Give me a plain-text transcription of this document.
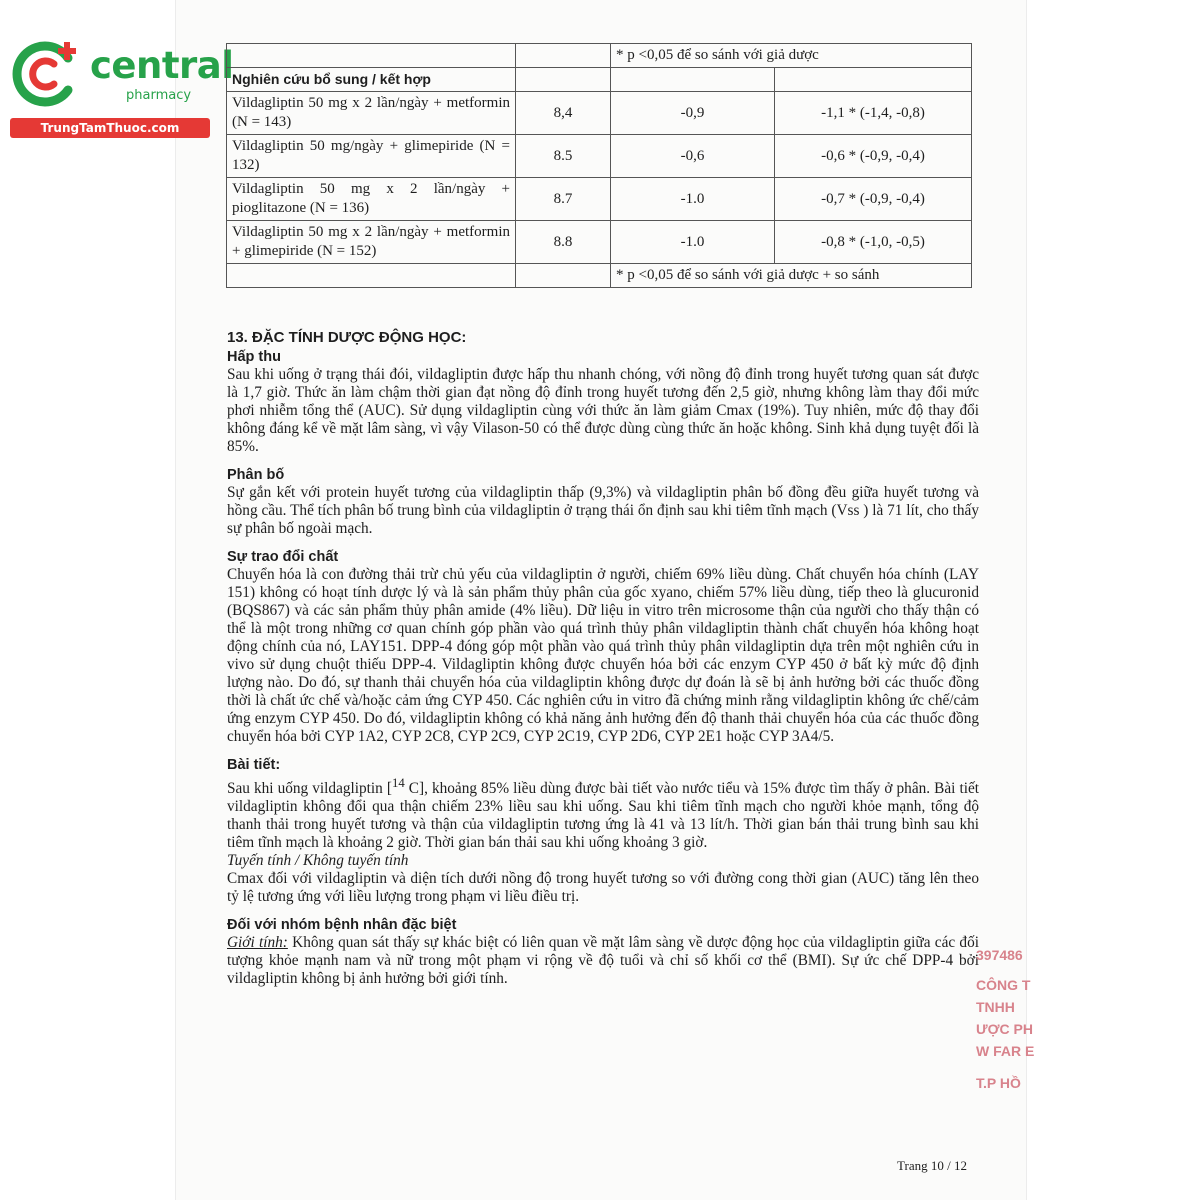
central
pharmacy
TrungTamThuoc.com
		* p <0,05 để so sánh với giả dược	
Nghiên cứu bổ sung / kết hợp			
Vildagliptin 50 mg x 2 lần/ngày + metformin (N = 143)	8,4	-0,9	-1,1 * (-1,4, -0,8)
Vildagliptin 50 mg/ngày + glimepiride (N = 132)	8.5	-0,6	-0,6 * (-0,9, -0,4)
Vildagliptin 50 mg x 2 lần/ngày + pioglitazone (N = 136)	8.7	-1.0	-0,7 * (-0,9, -0,4)
Vildagliptin 50 mg x 2 lần/ngày + metformin + glimepiride (N = 152)	8.8	-1.0	-0,8 * (-1,0, -0,5)
		* p <0,05 để so sánh với giả dược + so sánh	
13. ĐẶC TÍNH DƯỢC ĐỘNG HỌC:
Hấp thu

Sau khi uống ở trạng thái đói, vildagliptin được hấp thu nhanh chóng, với nồng độ đỉnh trong huyết tương quan sát được là 1,7 giờ. Thức ăn làm chậm thời gian đạt nồng độ đỉnh trong huyết tương đến 2,5 giờ, nhưng không làm thay đổi mức phơi nhiễm tổng thể (AUC). Sử dụng vildagliptin cùng với thức ăn làm giảm Cmax (19%). Tuy nhiên, mức độ thay đổi không đáng kể về mặt lâm sàng, vì vậy Vilason-50 có thể được dùng cùng thức ăn hoặc không. Sinh khả dụng tuyệt đối là 85%.

Phân bố

Sự gắn kết với protein huyết tương của vildagliptin thấp (9,3%) và vildagliptin phân bố đồng đều giữa huyết tương và hồng cầu. Thể tích phân bố trung bình của vildagliptin ở trạng thái ổn định sau khi tiêm tĩnh mạch (Vss ) là 71 lít, cho thấy sự phân bố ngoài mạch.

Sự trao đổi chất

Chuyển hóa là con đường thải trừ chủ yếu của vildagliptin ở người, chiếm 69% liều dùng. Chất chuyển hóa chính (LAY 151) không có hoạt tính dược lý và là sản phẩm thủy phân của gốc xyano, chiếm 57% liều dùng, tiếp theo là glucuronid (BQS867) và các sản phẩm thủy phân amide (4% liều). Dữ liệu in vitro trên microsome thận của người cho thấy thận có thể là một trong những cơ quan chính góp phần vào quá trình thủy phân vildagliptin thành chất chuyển hóa không hoạt động chính của nó, LAY151. DPP-4 đóng góp một phần vào quá trình thủy phân vildagliptin dựa trên một nghiên cứu in vivo sử dụng chuột thiếu DPP-4. Vildagliptin không được chuyển hóa bởi các enzym CYP 450 ở bất kỳ mức độ định lượng nào. Do đó, sự thanh thải chuyển hóa của vildagliptin không được dự đoán là sẽ bị ảnh hưởng bởi các thuốc đồng thời là chất ức chế và/hoặc cảm ứng CYP 450. Các nghiên cứu in vitro đã chứng minh rằng vildagliptin không ức chế/cảm ứng enzym CYP 450. Do đó, vildagliptin không có khả năng ảnh hưởng đến độ thanh thải chuyển hóa của các thuốc đồng chuyển hóa bởi CYP 1A2, CYP 2C8, CYP 2C9, CYP 2C19, CYP 2D6, CYP 2E1 hoặc CYP 3A4/5.

Bài tiết:

Sau khi uống vildagliptin [$^{14}$ C], khoảng 85% liều dùng được bài tiết vào nước tiểu và 15% được tìm thấy ở phân. Bài tiết vildagliptin không đổi qua thận chiếm 23% liều sau khi uống. Sau khi tiêm tĩnh mạch cho người khỏe mạnh, tổng độ thanh thải trong huyết tương và thận của vildagliptin tương ứng là 41 và 13 lít/h. Thời gian bán thải trung bình sau khi tiêm tĩnh mạch là khoảng 2 giờ. Thời gian bán thải sau khi uống khoảng 3 giờ.

Tuyến tính / Không tuyến tính

Cmax đối với vildagliptin và diện tích dưới nồng độ trong huyết tương so với đường cong thời gian (AUC) tăng lên theo tỷ lệ tương ứng với liều lượng trong phạm vi liều điều trị.

Đối với nhóm bệnh nhân đặc biệt

Giới tính: Không quan sát thấy sự khác biệt có liên quan về mặt lâm sàng về dược động học của vildagliptin giữa các đối tượng khỏe mạnh nam và nữ trong một phạm vi rộng về độ tuổi và chỉ số khối cơ thể (BMI). Sự ức chế DPP-4 bởi vildagliptin không bị ảnh hưởng bởi giới tính.

397486
CÔNG T
TNHH
ƯỢC PH
W FAR E
T.P HỒ
Trang 10 / 12
